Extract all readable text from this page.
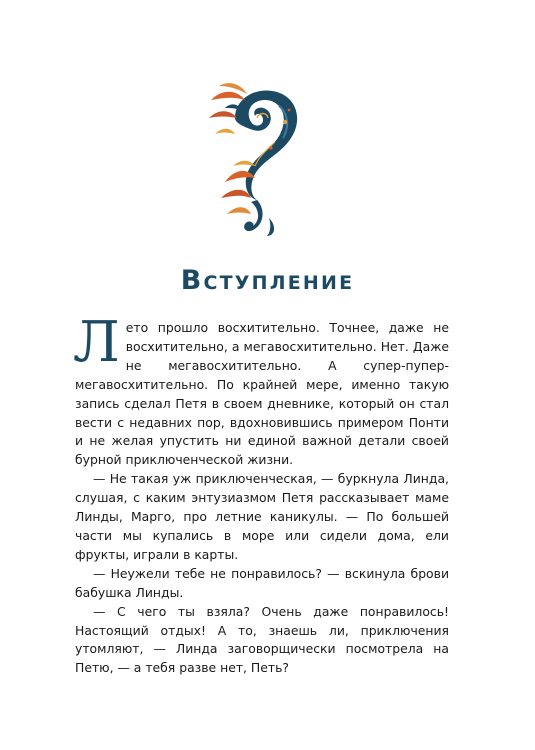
Вступление

Лето прошло восхитительно. Точнее, даже не восхитительно, а мегавосхитительно. Нет. Даже не мегавосхитительно. А супер-пупер-мегавосхитительно. По крайней мере, именно такую запись сделал Петя в своем дневнике, который он стал вести с недавних пор, вдохновившись примером Понти и не желая упустить ни единой важной детали своей бурной приключенческой жизни.

— Не такая уж приключенческая, — буркнула Линда, слушая, с каким энтузиазмом Петя рассказывает маме Линды, Марго, про летние каникулы. — По большей части мы купались в море или сидели дома, ели фрукты, играли в карты.

— Неужели тебе не понравилось? — вскинула брови бабушка Линды.

— С чего ты взяла? Очень даже понравилось! Настоящий отдых! А то, знаешь ли, приключения утомляют, — Линда заговорщически посмотрела на Петю, — а тебя разве нет, Петь?
